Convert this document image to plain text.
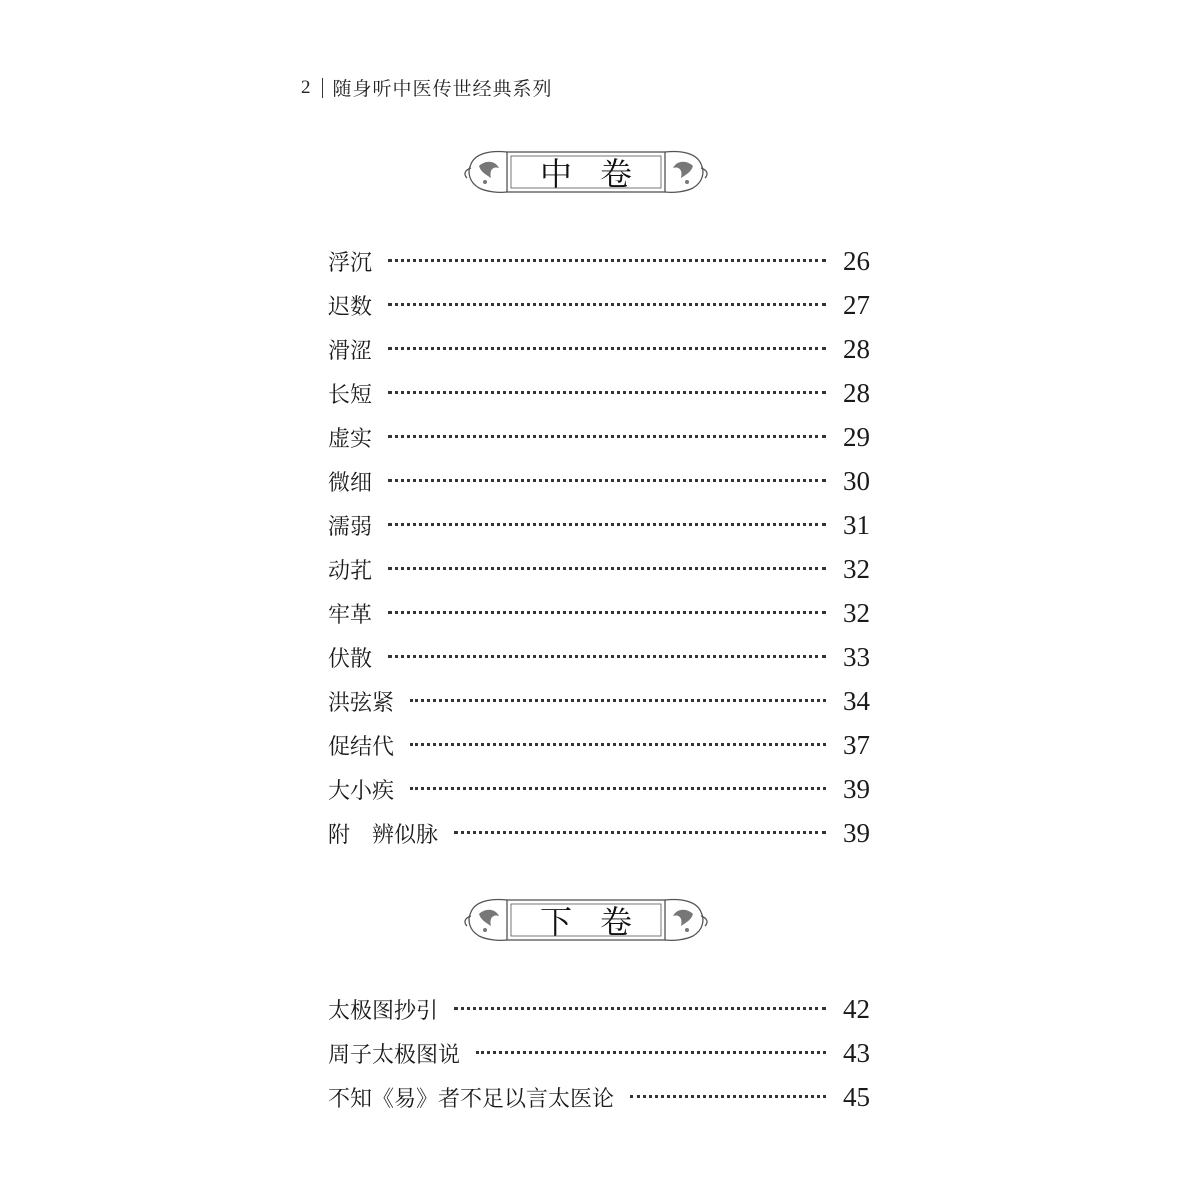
2 随身听中医传世经典系列
中卷
浮沉	26
迟数	27
滑涩	28
长短	28
虚实	29
微细	30
濡弱	31
动芤	32
牢革	32
伏散	33
洪弦紧	34
促结代	37
大小疾	39
附　辨似脉	39
下卷
太极图抄引	42
周子太极图说	43
不知《易》者不足以言太医论	45
